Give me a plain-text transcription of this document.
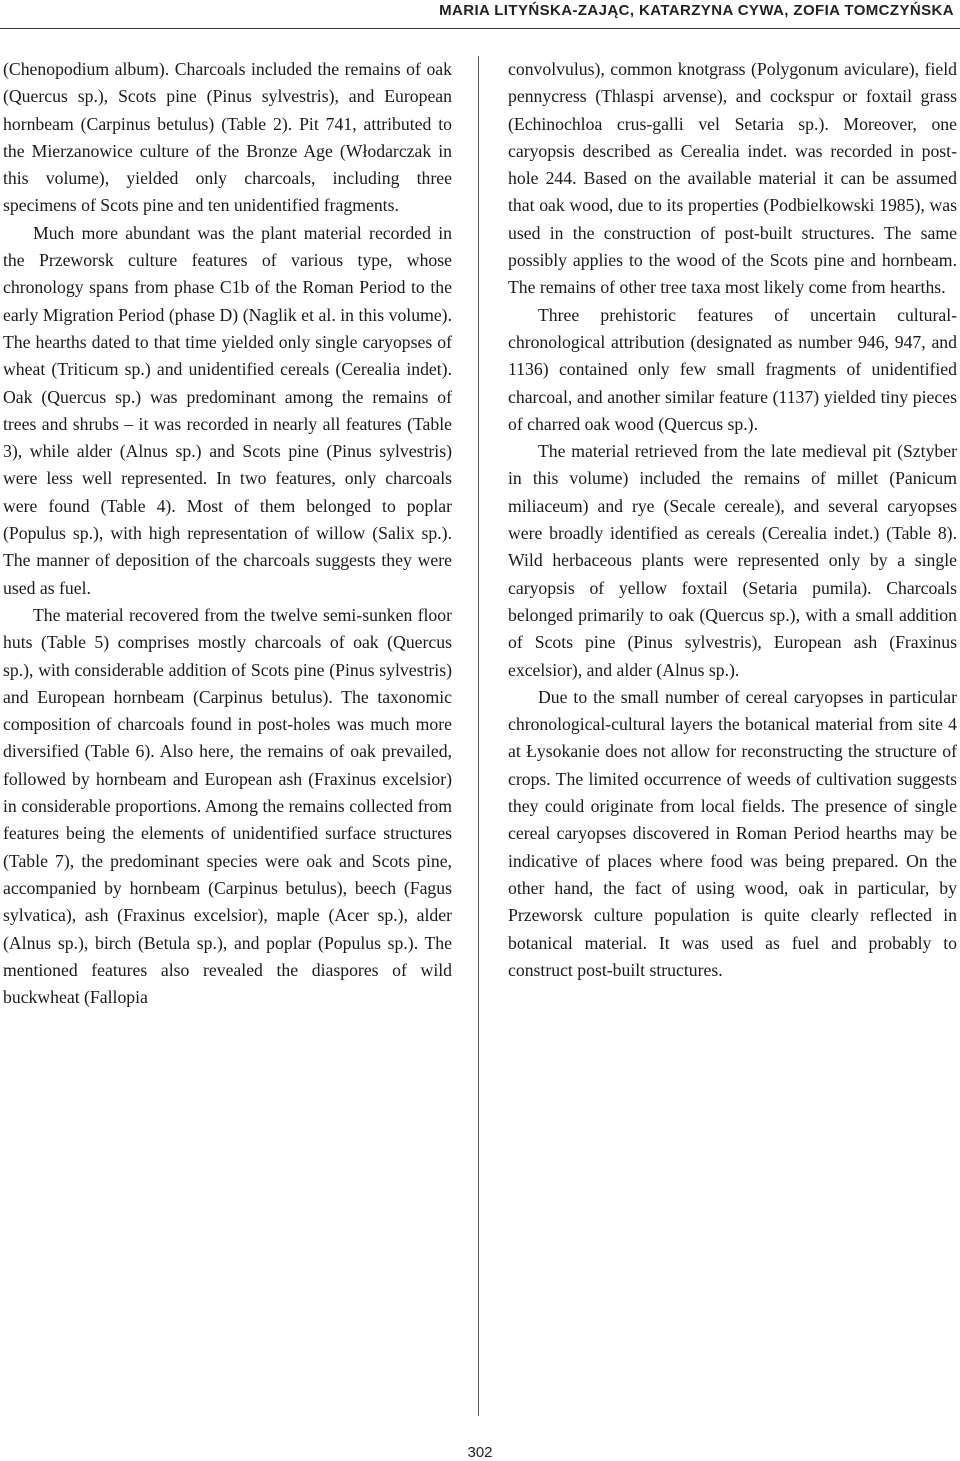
MARIA LITYŃSKA-ZAJĄC, KATARZYNA CYWA, ZOFIA TOMCZYŃSKA

(Chenopodium album). Charcoals included the remains of oak (Quercus sp.), Scots pine (Pinus sylvestris), and European hornbeam (Carpinus betulus) (Table 2). Pit 741, attributed to the Mierzanowice culture of the Bronze Age (Włodarczak in this volume), yielded only charcoals, including three specimens of Scots pine and ten unidentified fragments.

Much more abundant was the plant material recorded in the Przeworsk culture features of various type, whose chronology spans from phase C1b of the Roman Period to the early Migration Period (phase D) (Naglik et al. in this volume). The hearths dated to that time yielded only single caryopses of wheat (Triticum sp.) and unidentified cereals (Cerealia indet). Oak (Quercus sp.) was predominant among the remains of trees and shrubs – it was recorded in nearly all features (Table 3), while alder (Alnus sp.) and Scots pine (Pinus sylvestris) were less well represented. In two features, only charcoals were found (Table 4). Most of them belonged to poplar (Populus sp.), with high representation of willow (Salix sp.). The manner of deposition of the charcoals suggests they were used as fuel.

The material recovered from the twelve semi-sunken floor huts (Table 5) comprises mostly charcoals of oak (Quercus sp.), with considerable addition of Scots pine (Pinus sylvestris) and European hornbeam (Carpinus betulus). The taxonomic composition of charcoals found in post-holes was much more diversified (Table 6). Also here, the remains of oak prevailed, followed by hornbeam and European ash (Fraxinus excelsior) in considerable proportions. Among the remains collected from features being the elements of unidentified surface structures (Table 7), the predominant species were oak and Scots pine, accompanied by hornbeam (Carpinus betulus), beech (Fagus sylvatica), ash (Fraxinus excelsior), maple (Acer sp.), alder (Alnus sp.), birch (Betula sp.), and poplar (Populus sp.). The mentioned features also revealed the diaspores of wild buckwheat (Fallopia

convolvulus), common knotgrass (Polygonum aviculare), field pennycress (Thlaspi arvense), and cockspur or foxtail grass (Echinochloa crus-galli vel Setaria sp.). Moreover, one caryopsis described as Cerealia indet. was recorded in post-hole 244. Based on the available material it can be assumed that oak wood, due to its properties (Podbielkowski 1985), was used in the construction of post-built structures. The same possibly applies to the wood of the Scots pine and hornbeam. The remains of other tree taxa most likely come from hearths.

Three prehistoric features of uncertain cultural-chronological attribution (designated as number 946, 947, and 1136) contained only few small fragments of unidentified charcoal, and another similar feature (1137) yielded tiny pieces of charred oak wood (Quercus sp.).

The material retrieved from the late medieval pit (Sztyber in this volume) included the remains of millet (Panicum miliaceum) and rye (Secale cereale), and several caryopses were broadly identified as cereals (Cerealia indet.) (Table 8). Wild herbaceous plants were represented only by a single caryopsis of yellow foxtail (Setaria pumila). Charcoals belonged primarily to oak (Quercus sp.), with a small addition of Scots pine (Pinus sylvestris), European ash (Fraxinus excelsior), and alder (Alnus sp.).

Due to the small number of cereal caryopses in particular chronological-cultural layers the botanical material from site 4 at Łysokanie does not allow for reconstructing the structure of crops. The limited occurrence of weeds of cultivation suggests they could originate from local fields. The presence of single cereal caryopses discovered in Roman Period hearths may be indicative of places where food was being prepared. On the other hand, the fact of using wood, oak in particular, by Przeworsk culture population is quite clearly reflected in botanical material. It was used as fuel and probably to construct post-built structures.

302
